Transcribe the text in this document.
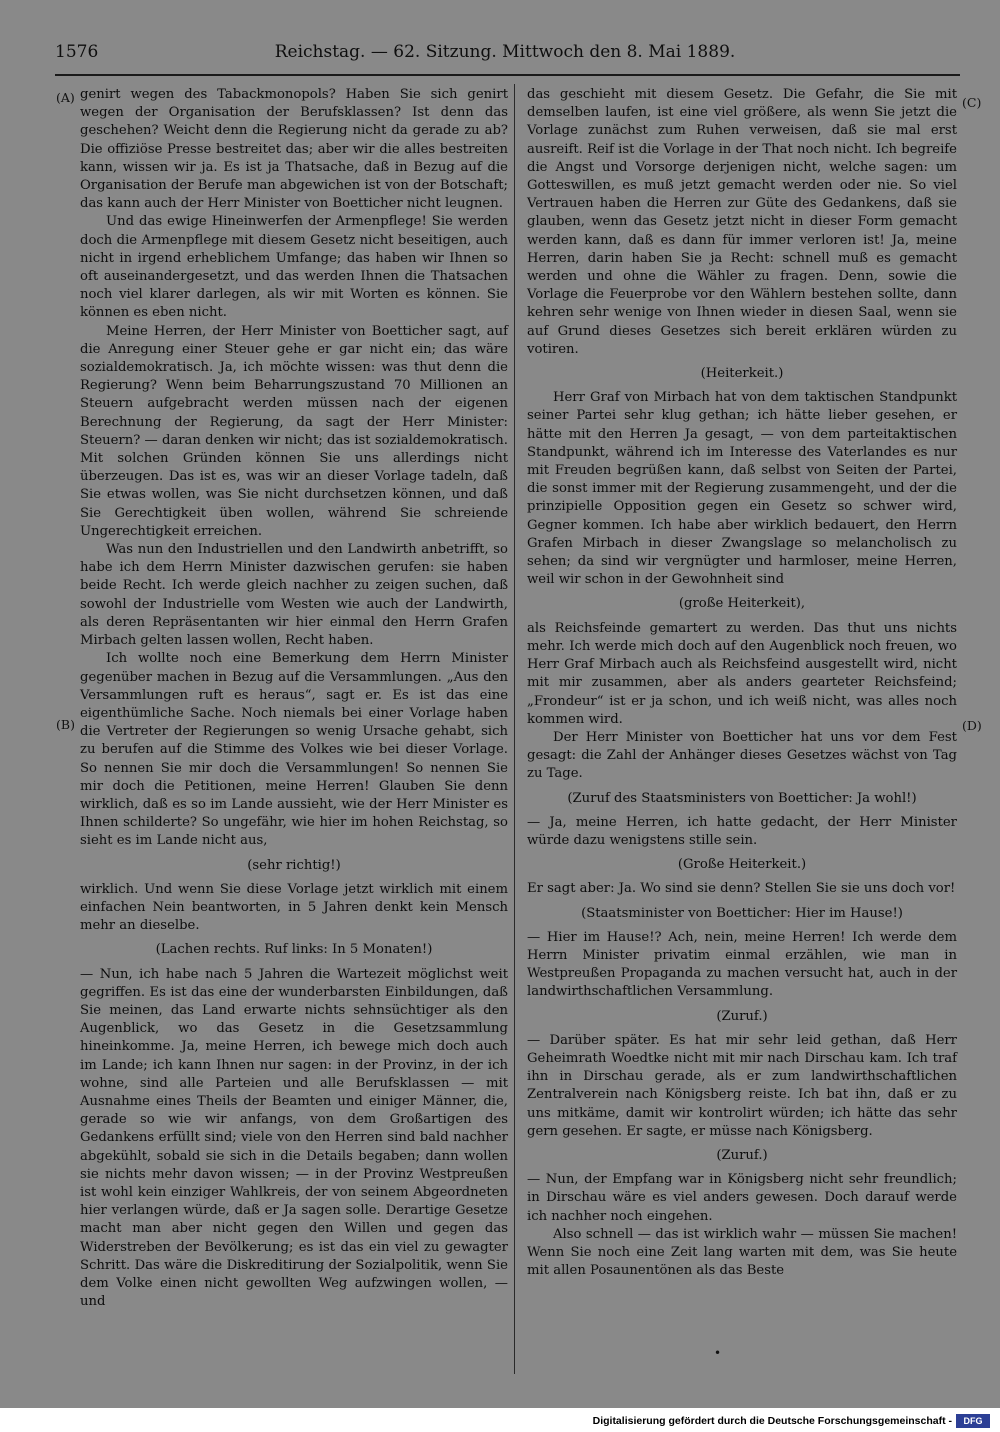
1576	Reichstag. — 62. Sitzung. Mittwoch den 8. Mai 1889.
(A)
(B)
(C)
(D)

genirt wegen des Tabackmonopols? Haben Sie sich genirt wegen der Organisation der Berufsklassen? Ist denn das geschehen? Weicht denn die Regierung nicht da gerade zu ab? Die offiziöse Presse bestreitet das; aber wir die alles bestreiten kann, wissen wir ja. Es ist ja Thatsache, daß in Bezug auf die Organisation der Berufe man abgewichen ist von der Botschaft; das kann auch der Herr Minister von Boetticher nicht leugnen.

Und das ewige Hineinwerfen der Armenpflege! Sie werden doch die Armenpflege mit diesem Gesetz nicht beseitigen, auch nicht in irgend erheblichem Umfange; das haben wir Ihnen so oft auseinandergesetzt, und das werden Ihnen die Thatsachen noch viel klarer darlegen, als wir mit Worten es können. Sie können es eben nicht.

Meine Herren, der Herr Minister von Boetticher sagt, auf die Anregung einer Steuer gehe er gar nicht ein; das wäre sozialdemokratisch. Ja, ich möchte wissen: was thut denn die Regierung? Wenn beim Beharrungszustand 70 Millionen an Steuern aufgebracht werden müssen nach der eigenen Berechnung der Regierung, da sagt der Herr Minister: Steuern? — daran denken wir nicht; das ist sozialdemokratisch. Mit solchen Gründen können Sie uns allerdings nicht überzeugen. Das ist es, was wir an dieser Vorlage tadeln, daß Sie etwas wollen, was Sie nicht durchsetzen können, und daß Sie Gerechtigkeit üben wollen, während Sie schreiende Ungerechtigkeit erreichen.

Was nun den Industriellen und den Landwirth anbetrifft, so habe ich dem Herrn Minister dazwischen gerufen: sie haben beide Recht. Ich werde gleich nachher zu zeigen suchen, daß sowohl der Industrielle vom Westen wie auch der Landwirth, als deren Repräsentanten wir hier einmal den Herrn Grafen Mirbach gelten lassen wollen, Recht haben.

Ich wollte noch eine Bemerkung dem Herrn Minister gegenüber machen in Bezug auf die Versammlungen. „Aus den Versammlungen ruft es heraus“, sagt er. Es ist das eine eigenthümliche Sache. Noch niemals bei einer Vorlage haben die Vertreter der Regierungen so wenig Ursache gehabt, sich zu berufen auf die Stimme des Volkes wie bei dieser Vorlage. So nennen Sie mir doch die Versammlungen! So nennen Sie mir doch die Petitionen, meine Herren! Glauben Sie denn wirklich, daß es so im Lande aussieht, wie der Herr Minister es Ihnen schilderte? So ungefähr, wie hier im hohen Reichstag, so sieht es im Lande nicht aus,

(sehr richtig!)

wirklich. Und wenn Sie diese Vorlage jetzt wirklich mit einem einfachen Nein beantworten, in 5 Jahren denkt kein Mensch mehr an dieselbe.

(Lachen rechts. Ruf links: In 5 Monaten!)

— Nun, ich habe nach 5 Jahren die Wartezeit möglichst weit gegriffen. Es ist das eine der wunderbarsten Einbildungen, daß Sie meinen, das Land erwarte nichts sehnsüchtiger als den Augenblick, wo das Gesetz in die Gesetzsammlung hineinkomme. Ja, meine Herren, ich bewege mich doch auch im Lande; ich kann Ihnen nur sagen: in der Provinz, in der ich wohne, sind alle Parteien und alle Berufsklassen — mit Ausnahme eines Theils der Beamten und einiger Männer, die, gerade so wie wir anfangs, von dem Großartigen des Gedankens erfüllt sind; viele von den Herren sind bald nachher abgekühlt, sobald sie sich in die Details begaben; dann wollen sie nichts mehr davon wissen; — in der Provinz Westpreußen ist wohl kein einziger Wahlkreis, der von seinem Abgeordneten hier verlangen würde, daß er Ja sagen solle. Derartige Gesetze macht man aber nicht gegen den Willen und gegen das Widerstreben der Bevölkerung; es ist das ein viel zu gewagter Schritt. Das wäre die Diskreditirung der Sozialpolitik, wenn Sie dem Volke einen nicht gewollten Weg aufzwingen wollen, — und

das geschieht mit diesem Gesetz. Die Gefahr, die Sie mit demselben laufen, ist eine viel größere, als wenn Sie jetzt die Vorlage zunächst zum Ruhen verweisen, daß sie mal erst ausreift. Reif ist die Vorlage in der That noch nicht. Ich begreife die Angst und Vorsorge derjenigen nicht, welche sagen: um Gotteswillen, es muß jetzt gemacht werden oder nie. So viel Vertrauen haben die Herren zur Güte des Gedankens, daß sie glauben, wenn das Gesetz jetzt nicht in dieser Form gemacht werden kann, daß es dann für immer verloren ist! Ja, meine Herren, darin haben Sie ja Recht: schnell muß es gemacht werden und ohne die Wähler zu fragen. Denn, sowie die Vorlage die Feuerprobe vor den Wählern bestehen sollte, dann kehren sehr wenige von Ihnen wieder in diesen Saal, wenn sie auf Grund dieses Gesetzes sich bereit erklären würden zu votiren.

(Heiterkeit.)

Herr Graf von Mirbach hat von dem taktischen Standpunkt seiner Partei sehr klug gethan; ich hätte lieber gesehen, er hätte mit den Herren Ja gesagt, — von dem parteitaktischen Standpunkt, während ich im Interesse des Vaterlandes es nur mit Freuden begrüßen kann, daß selbst von Seiten der Partei, die sonst immer mit der Regierung zusammengeht, und der die prinzipielle Opposition gegen ein Gesetz so schwer wird, Gegner kommen. Ich habe aber wirklich bedauert, den Herrn Grafen Mirbach in dieser Zwangslage so melancholisch zu sehen; da sind wir vergnügter und harmloser, meine Herren, weil wir schon in der Gewohnheit sind

(große Heiterkeit),

als Reichsfeinde gemartert zu werden. Das thut uns nichts mehr. Ich werde mich doch auf den Augenblick noch freuen, wo Herr Graf Mirbach auch als Reichsfeind ausgestellt wird, nicht mit mir zusammen, aber als anders gearteter Reichsfeind; „Frondeur“ ist er ja schon, und ich weiß nicht, was alles noch kommen wird.

Der Herr Minister von Boetticher hat uns vor dem Fest gesagt: die Zahl der Anhänger dieses Gesetzes wächst von Tag zu Tage.

(Zuruf des Staatsministers von Boetticher: Ja wohl!)

— Ja, meine Herren, ich hatte gedacht, der Herr Minister würde dazu wenigstens stille sein.

(Große Heiterkeit.)

Er sagt aber: Ja. Wo sind sie denn? Stellen Sie sie uns doch vor!

(Staatsminister von Boetticher: Hier im Hause!)

— Hier im Hause!? Ach, nein, meine Herren! Ich werde dem Herrn Minister privatim einmal erzählen, wie man in Westpreußen Propaganda zu machen versucht hat, auch in der landwirthschaftlichen Versammlung.

(Zuruf.)

— Darüber später. Es hat mir sehr leid gethan, daß Herr Geheimrath Woedtke nicht mit mir nach Dirschau kam. Ich traf ihn in Dirschau gerade, als er zum landwirthschaftlichen Zentralverein nach Königsberg reiste. Ich bat ihn, daß er zu uns mitkäme, damit wir kontrolirt würden; ich hätte das sehr gern gesehen. Er sagte, er müsse nach Königsberg.

(Zuruf.)

— Nun, der Empfang war in Königsberg nicht sehr freundlich; in Dirschau wäre es viel anders gewesen. Doch darauf werde ich nachher noch eingehen.

Also schnell — das ist wirklich wahr — müssen Sie machen! Wenn Sie noch eine Zeit lang warten mit dem, was Sie heute mit allen Posaunentönen als das Beste

•
Digitalisierung gefördert durch die Deutsche Forschungsgemeinschaft -	DFG
